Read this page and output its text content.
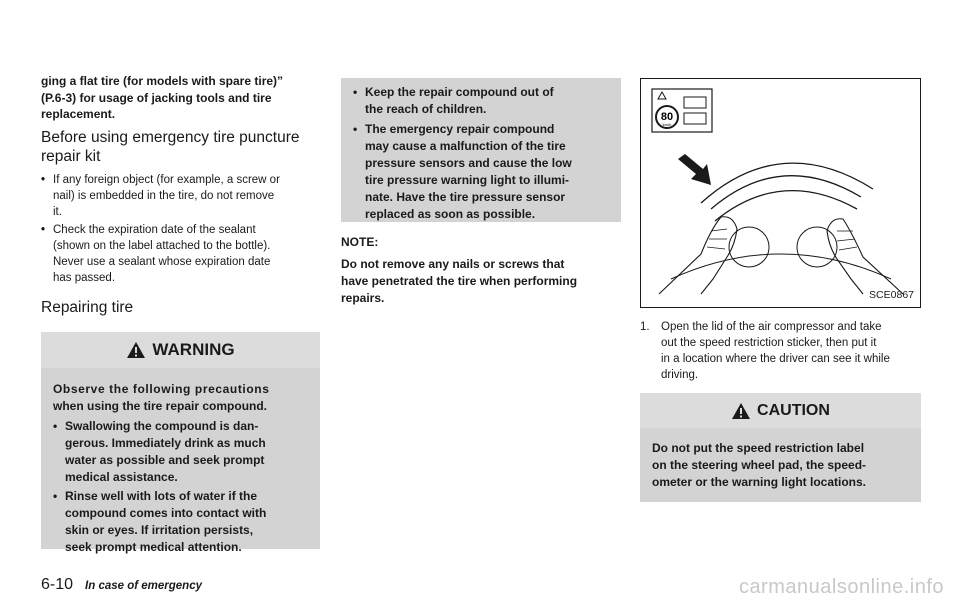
ging a flat tire (for models with spare tire)”
(P.6-3) for usage of jacking tools and tire
replacement.

Before using emergency tire puncture
repair kit
• If any foreign object (for example, a screw or
nail) is embedded in the tire, do not remove
it.
• Check the expiration date of the sealant
(shown on the label attached to the bottle).
Never use a sealant whose expiration date
has passed.
Repairing tire
WARNING

Observe the following precautions
when using the tire repair compound.

• Swallowing the compound is dan-
gerous. Immediately drink as much
water as possible and seek prompt
medical assistance.
• Rinse well with lots of water if the
compound comes into contact with
skin or eyes. If irritation persists,
seek prompt medical attention.
• Keep the repair compound out of
the reach of children.
• The emergency repair compound
may cause a malfunction of the tire
pressure sensors and cause the low
tire pressure warning light to illumi-
nate. Have the tire pressure sensor
replaced as soon as possible.

NOTE:

Do not remove any nails or screws that
have penetrated the tire when performing
repairs.

80
km/h
SCE0867
1. Open the lid of the air compressor and take
out the speed restriction sticker, then put it
in a location where the driver can see it while
driving.
CAUTION

Do not put the speed restriction label
on the steering wheel pad, the speed-
ometer or the warning light locations.

6-10 In case of emergency	carmanualsonline.info
